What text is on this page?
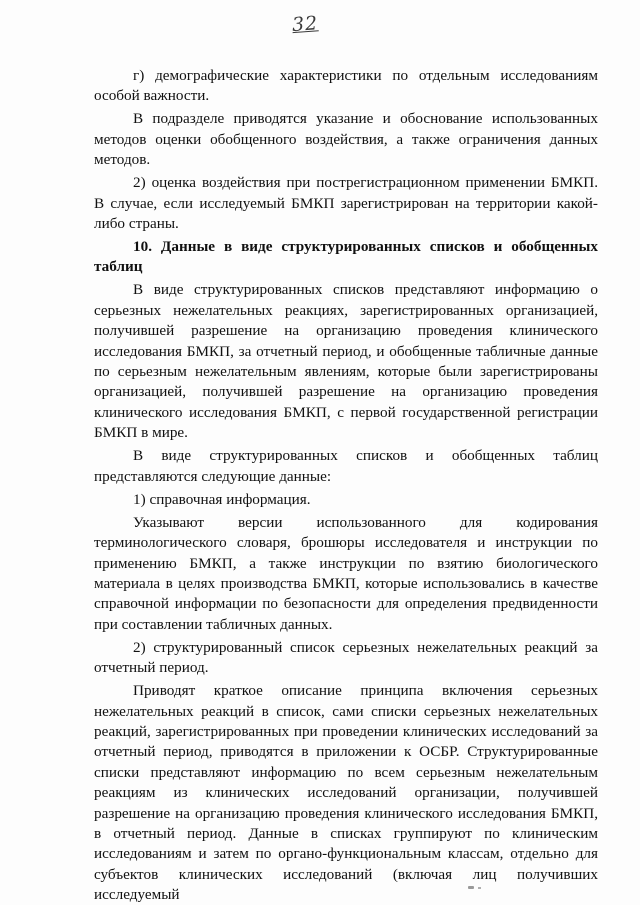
32

г) демографические характеристики по отдельным исследованиям особой важности.

В подразделе приводятся указание и обоснование использованных методов оценки обобщенного воздействия, а также ограничения данных методов.

2) оценка воздействия при пострегистрационном применении БМКП. В случае, если исследуемый БМКП зарегистрирован на территории какой-либо страны.

10. Данные в виде структурированных списков и обобщенных таблиц

В виде структурированных списков представляют информацию о серьезных нежелательных реакциях, зарегистрированных организацией, получившей разрешение на организацию проведения клинического исследования БМКП, за отчетный период, и обобщенные табличные данные по серьезным нежелательным явлениям, которые были зарегистрированы организацией, получившей разрешение на организацию проведения клинического исследования БМКП, с первой государственной регистрации БМКП в мире.

В виде структурированных списков и обобщенных таблиц представляются следующие данные:

1) справочная информация.

Указывают версии использованного для кодирования терминологического словаря, брошюры исследователя и инструкции по применению БМКП, а также инструкции по взятию биологического материала в целях производства БМКП, которые использовались в качестве справочной информации по безопасности для определения предвиденности при составлении табличных данных.

2) структурированный список серьезных нежелательных реакций за отчетный период.

Приводят краткое описание принципа включения серьезных нежелательных реакций в список, сами списки серьезных нежелательных реакций, зарегистрированных при проведении клинических исследований за отчетный период, приводятся в приложении к ОСБР. Структурированные списки представляют информацию по всем серьезным нежелательным реакциям из клинических исследований организации, получившей разрешение на организацию проведения клинического исследования БМКП, в отчетный период. Данные в списках группируют по клиническим исследованиям и затем по органо-функциональным классам, отдельно для субъектов клинических исследований (включая лиц получивших исследуемый
